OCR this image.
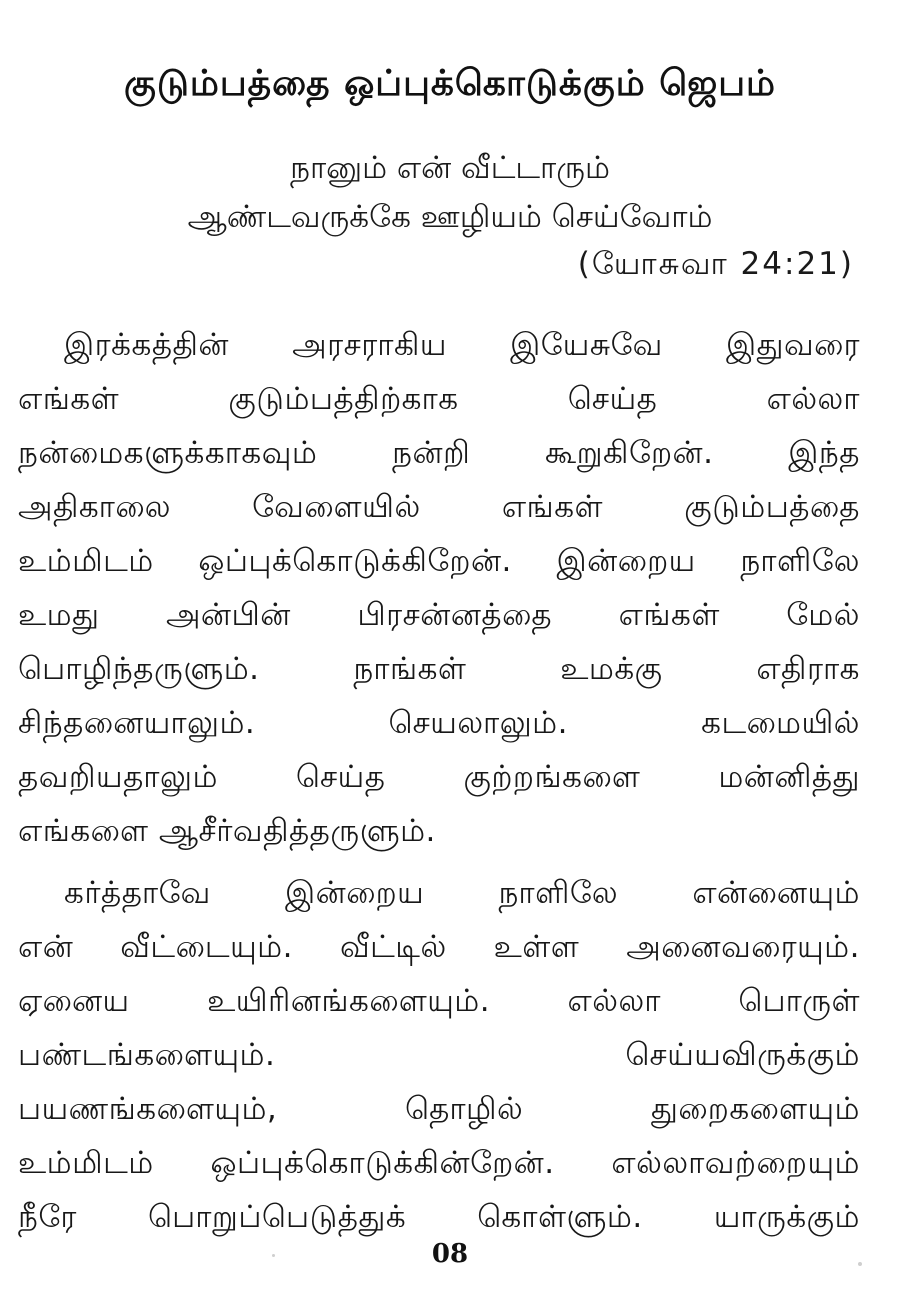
குடும்பத்தை ஒப்புக்கொடுக்கும் ஜெபம்
நானும் என் வீட்டாரும்
ஆண்டவருக்கே ஊழியம் செய்வோம்
(யோசுவா 24:21)
இரக்கத்தின் அரசராகிய இயேசுவே இதுவரை
எங்கள் குடும்பத்திற்காக செய்த எல்லா
நன்மைகளுக்காகவும் நன்றி கூறுகிறேன். இந்த
அதிகாலை வேளையில் எங்கள் குடும்பத்தை
உம்மிடம் ஒப்புக்கொடுக்கிறேன். இன்றைய நாளிலே
உமது அன்பின் பிரசன்னத்தை எங்கள் மேல்
பொழிந்தருளும். நாங்கள் உமக்கு எதிராக
சிந்தனையாலும். செயலாலும். கடமையில்
தவறியதாலும் செய்த குற்றங்களை மன்னித்து
எங்களை ஆசீர்வதித்தருளும்.
கர்த்தாவே இன்றைய நாளிலே என்னையும்
என் வீட்டையும். வீட்டில் உள்ள அனைவரையும்.
ஏனைய உயிரினங்களையும். எல்லா பொருள்
பண்டங்களையும். செய்யவிருக்கும்
பயணங்களையும், தொழில் துறைகளையும்
உம்மிடம் ஒப்புக்கொடுக்கின்றேன். எல்லாவற்றையும்
நீரே பொறுப்பெடுத்துக் கொள்ளும். யாருக்கும்
08
